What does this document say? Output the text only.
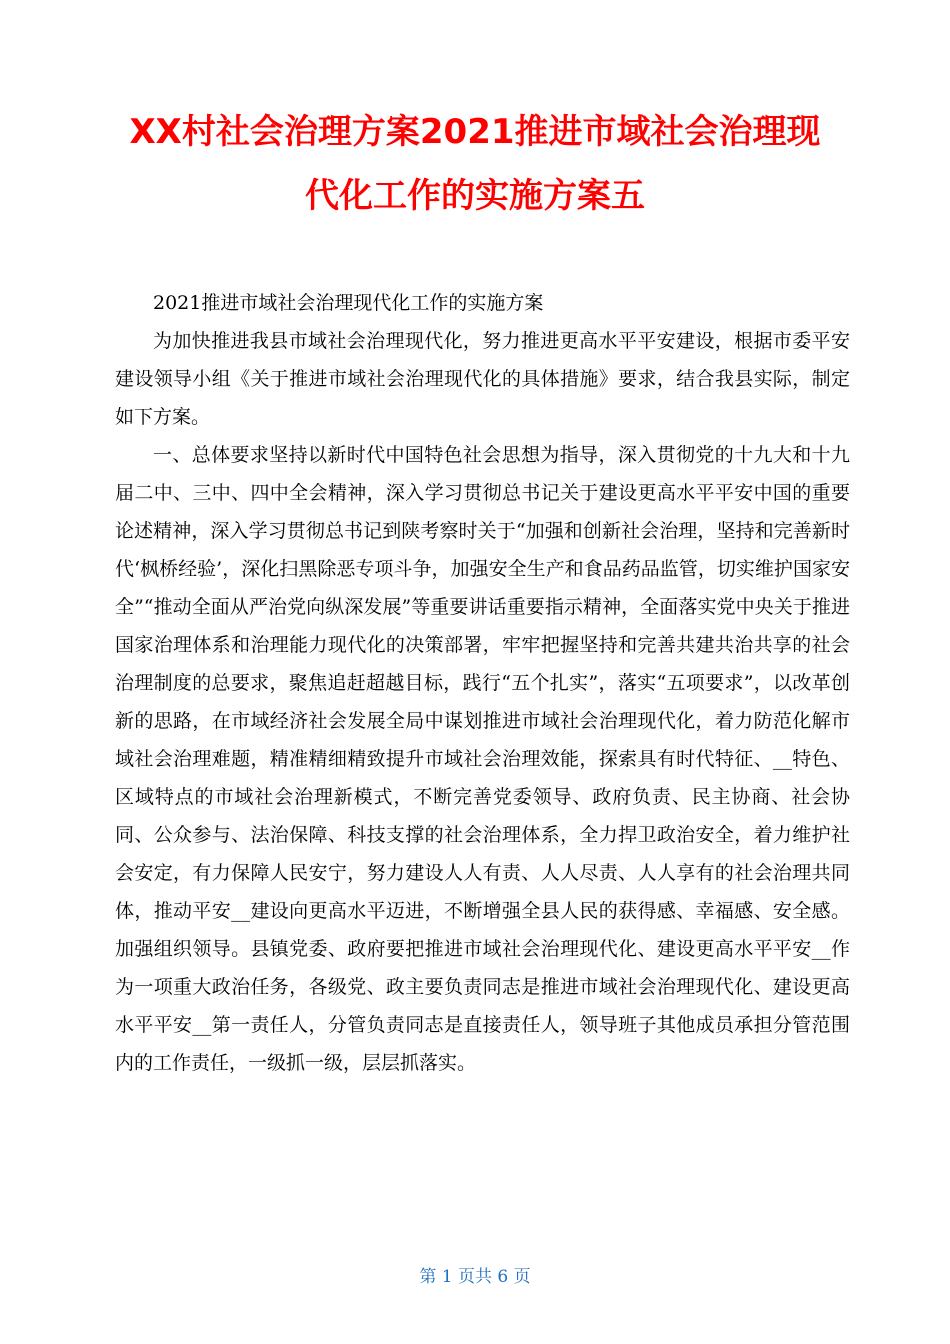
XX村社会治理方案2021推进市域社会治理现
代化工作的实施方案五

2021推进市域社会治理现代化工作的实施方案

为加快推进我县市域社会治理现代化，努力推进更高水平平安建设，根据市委平安建设领导小组《关于推进市域社会治理现代化的具体措施》要求，结合我县实际，制定如下方案。

一、总体要求坚持以新时代中国特色社会思想为指导，深入贯彻党的十九大和十九届二中、三中、四中全会精神，深入学习贯彻总书记关于建设更高水平平安中国的重要论述精神，深入学习贯彻总书记到陕考察时关于“加强和创新社会治理，坚持和完善新时代‘枫桥经验’，深化扫黑除恶专项斗争，加强安全生产和食品药品监管，切实维护国家安全”“推动全面从严治党向纵深发展”等重要讲话重要指示精神，全面落实党中央关于推进国家治理体系和治理能力现代化的决策部署，牢牢把握坚持和完善共建共治共享的社会治理制度的总要求，聚焦追赶超越目标，践行“五个扎实”，落实“五项要求”，以改革创新的思路，在市域经济社会发展全局中谋划推进市域社会治理现代化，着力防范化解市域社会治理难题，精准精细精致提升市域社会治理效能，探索具有时代特征、__特色、区域特点的市域社会治理新模式，不断完善党委领导、政府负责、民主协商、社会协同、公众参与、法治保障、科技支撑的社会治理体系，全力捍卫政治安全，着力维护社会安定，有力保障人民安宁，努力建设人人有责、人人尽责、人人享有的社会治理共同体，推动平安__建设向更高水平迈进，不断增强全县人民的获得感、幸福感、安全感。加强组织领导。县镇党委、政府要把推进市域社会治理现代化、建设更高水平平安__作为一项重大政治任务，各级党、政主要负责同志是推进市域社会治理现代化、建设更高水平平安__第一责任人，分管负责同志是直接责任人，领导班子其他成员承担分管范围内的工作责任，一级抓一级，层层抓落实。

第 1 页共 6 页
